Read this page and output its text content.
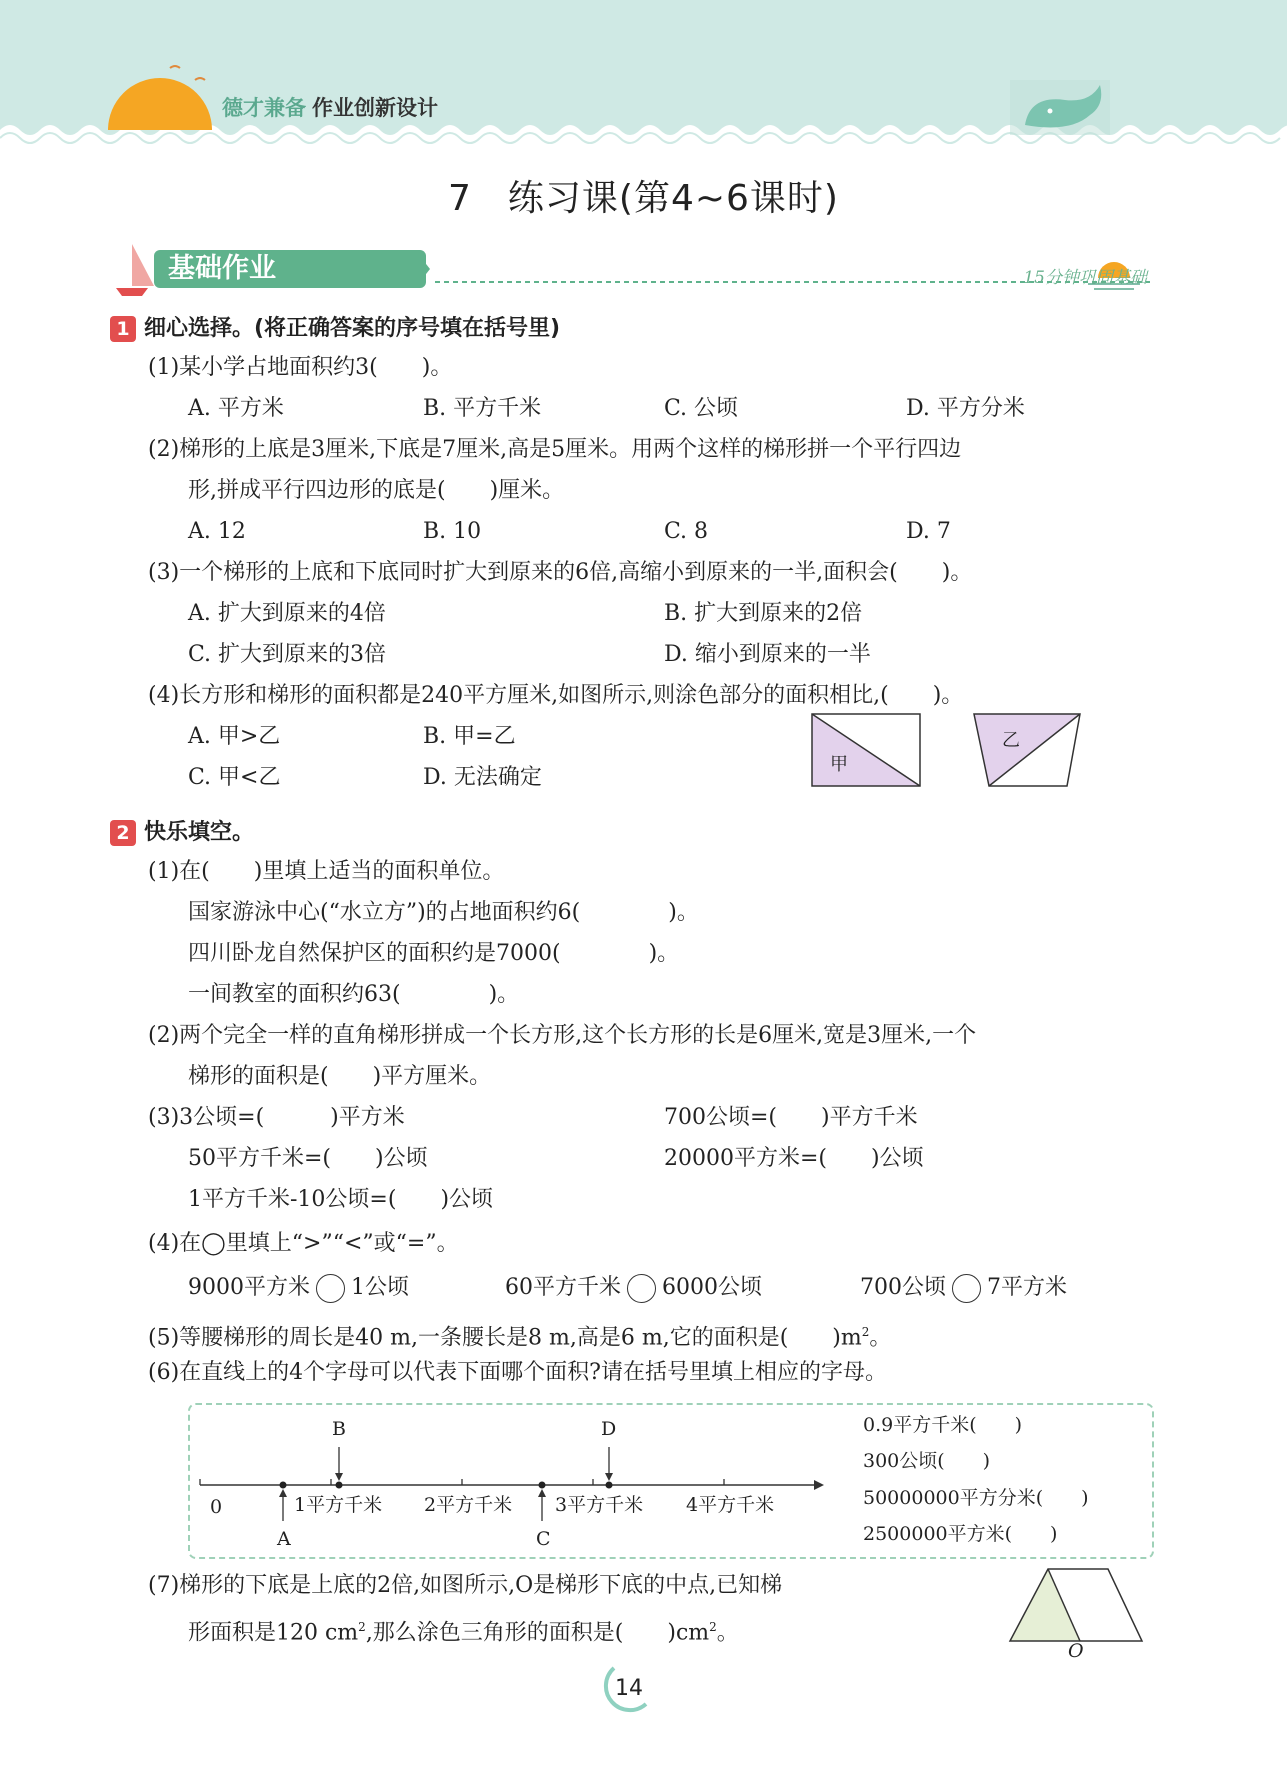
德才兼备 作业创新设计
7 练习课(第4~6课时)
基础作业	15分钟巩固基础
1 细心选择。(将正确答案的序号填在括号里)
(1)某小学占地面积约3(　　)。
A. 平方米	B. 平方千米	C. 公顷	D. 平方分米
(2)梯形的上底是3厘米,下底是7厘米,高是5厘米。用两个这样的梯形拼一个平行四边
形,拼成平行四边形的底是(　　)厘米。
A. 12	B. 10	C. 8	D. 7
(3)一个梯形的上底和下底同时扩大到原来的6倍,高缩小到原来的一半,面积会(　　)。
A. 扩大到原来的4倍	B. 扩大到原来的2倍
C. 扩大到原来的3倍	D. 缩小到原来的一半
(4)长方形和梯形的面积都是240平方厘米,如图所示,则涂色部分的面积相比,(　　)。
A. 甲>乙	B. 甲=乙
C. 甲<乙	D. 无法确定
甲
乙
2 快乐填空。
(1)在(　　)里填上适当的面积单位。
国家游泳中心(“水立方”)的占地面积约6(　　　　)。
四川卧龙自然保护区的面积约是7000(　　　　)。
一间教室的面积约63(　　　　)。
(2)两个完全一样的直角梯形拼成一个长方形,这个长方形的长是6厘米,宽是3厘米,一个
梯形的面积是(　　)平方厘米。
(3)3公顷=(　　　)平方米	700公顷=(　　)平方千米
50平方千米=(　　)公顷	20000平方米=(　　)公顷
1平方千米-10公顷=(　　)公顷
(4)在◯里填上“>”“<”或“=”。
9000平方米 1公顷	60平方千米 6000公顷	700公顷 7平方米
(5)等腰梯形的周长是40 m,一条腰长是8 m,高是6 m,它的面积是(　　)$m^2$。
(6)在直线上的4个字母可以代表下面哪个面积?请在括号里填上相应的字母。
0	1平方千米 2平方千米 3平方千米 4平方千米
A
B
C
D	0.9平方千米(　　)
300公顷(　　)
50000000平方分米(　　)
2500000平方米(　　)
(7)梯形的下底是上底的2倍,如图所示,O是梯形下底的中点,已知梯
形面积是120 $cm^2$,那么涂色三角形的面积是(　　)$cm^2$。
O
14
